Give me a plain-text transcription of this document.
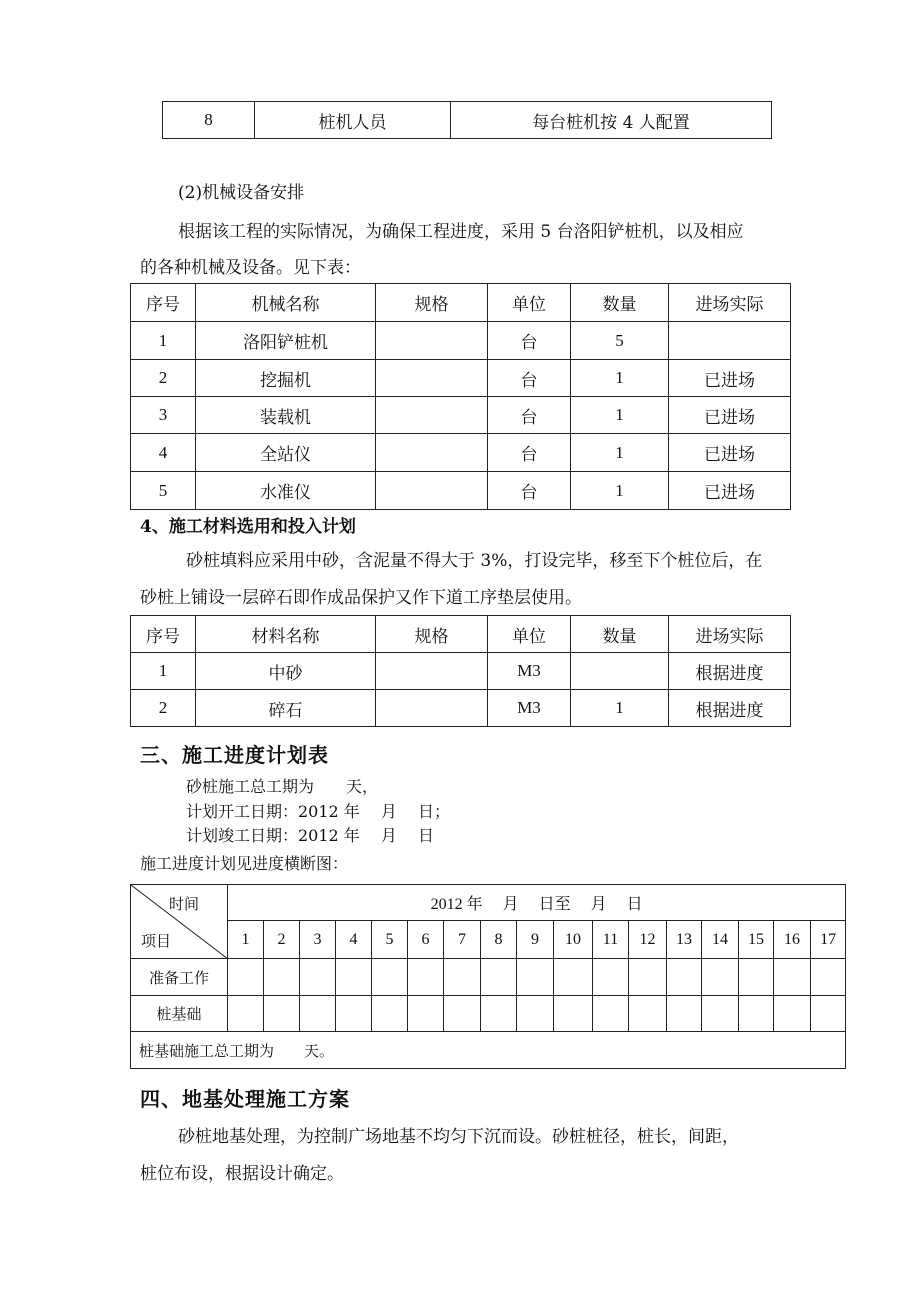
8	桩机人员	每台桩机按 4 人配置
(2)机械设备安排
根据该工程的实际情况，为确保工程进度，采用 5 台洛阳铲桩机，以及相应
的各种机械及设备。见下表：
序号	机械名称	规格	单位	数量	进场实际
1	洛阳铲桩机		台	5	
2	挖掘机		台	1	已进场
3	装载机		台	1	已进场
4	全站仪		台	1	已进场
5	水准仪		台	1	已进场
4、施工材料选用和投入计划
砂桩填料应采用中砂，含泥量不得大于 3%，打设完毕，移至下个桩位后，在
砂桩上铺设一层碎石即作成品保护又作下道工序垫层使用。
序号	材料名称	规格	单位	数量	进场实际
1	中砂		M3		根据进度
2	碎石		M3	1	根据进度
三、施工进度计划表
砂桩施工总工期为　　天，
计划开工日期：2012 年　 月　 日；
计划竣工日期：2012 年　 月　 日
施工进度计划见进度横断图：
时间
项目	2012 年　 月　 日至　 月　 日																
	1	2	3	4	5	6	7	8	9	10	11	12	13	14	15	16	17
准备工作																	
桩基础																	
桩基础施工总工期为　　天。																	
四、地基处理施工方案
砂桩地基处理，为控制广场地基不均匀下沉而设。砂桩桩径，桩长，间距，
桩位布设，根据设计确定。
